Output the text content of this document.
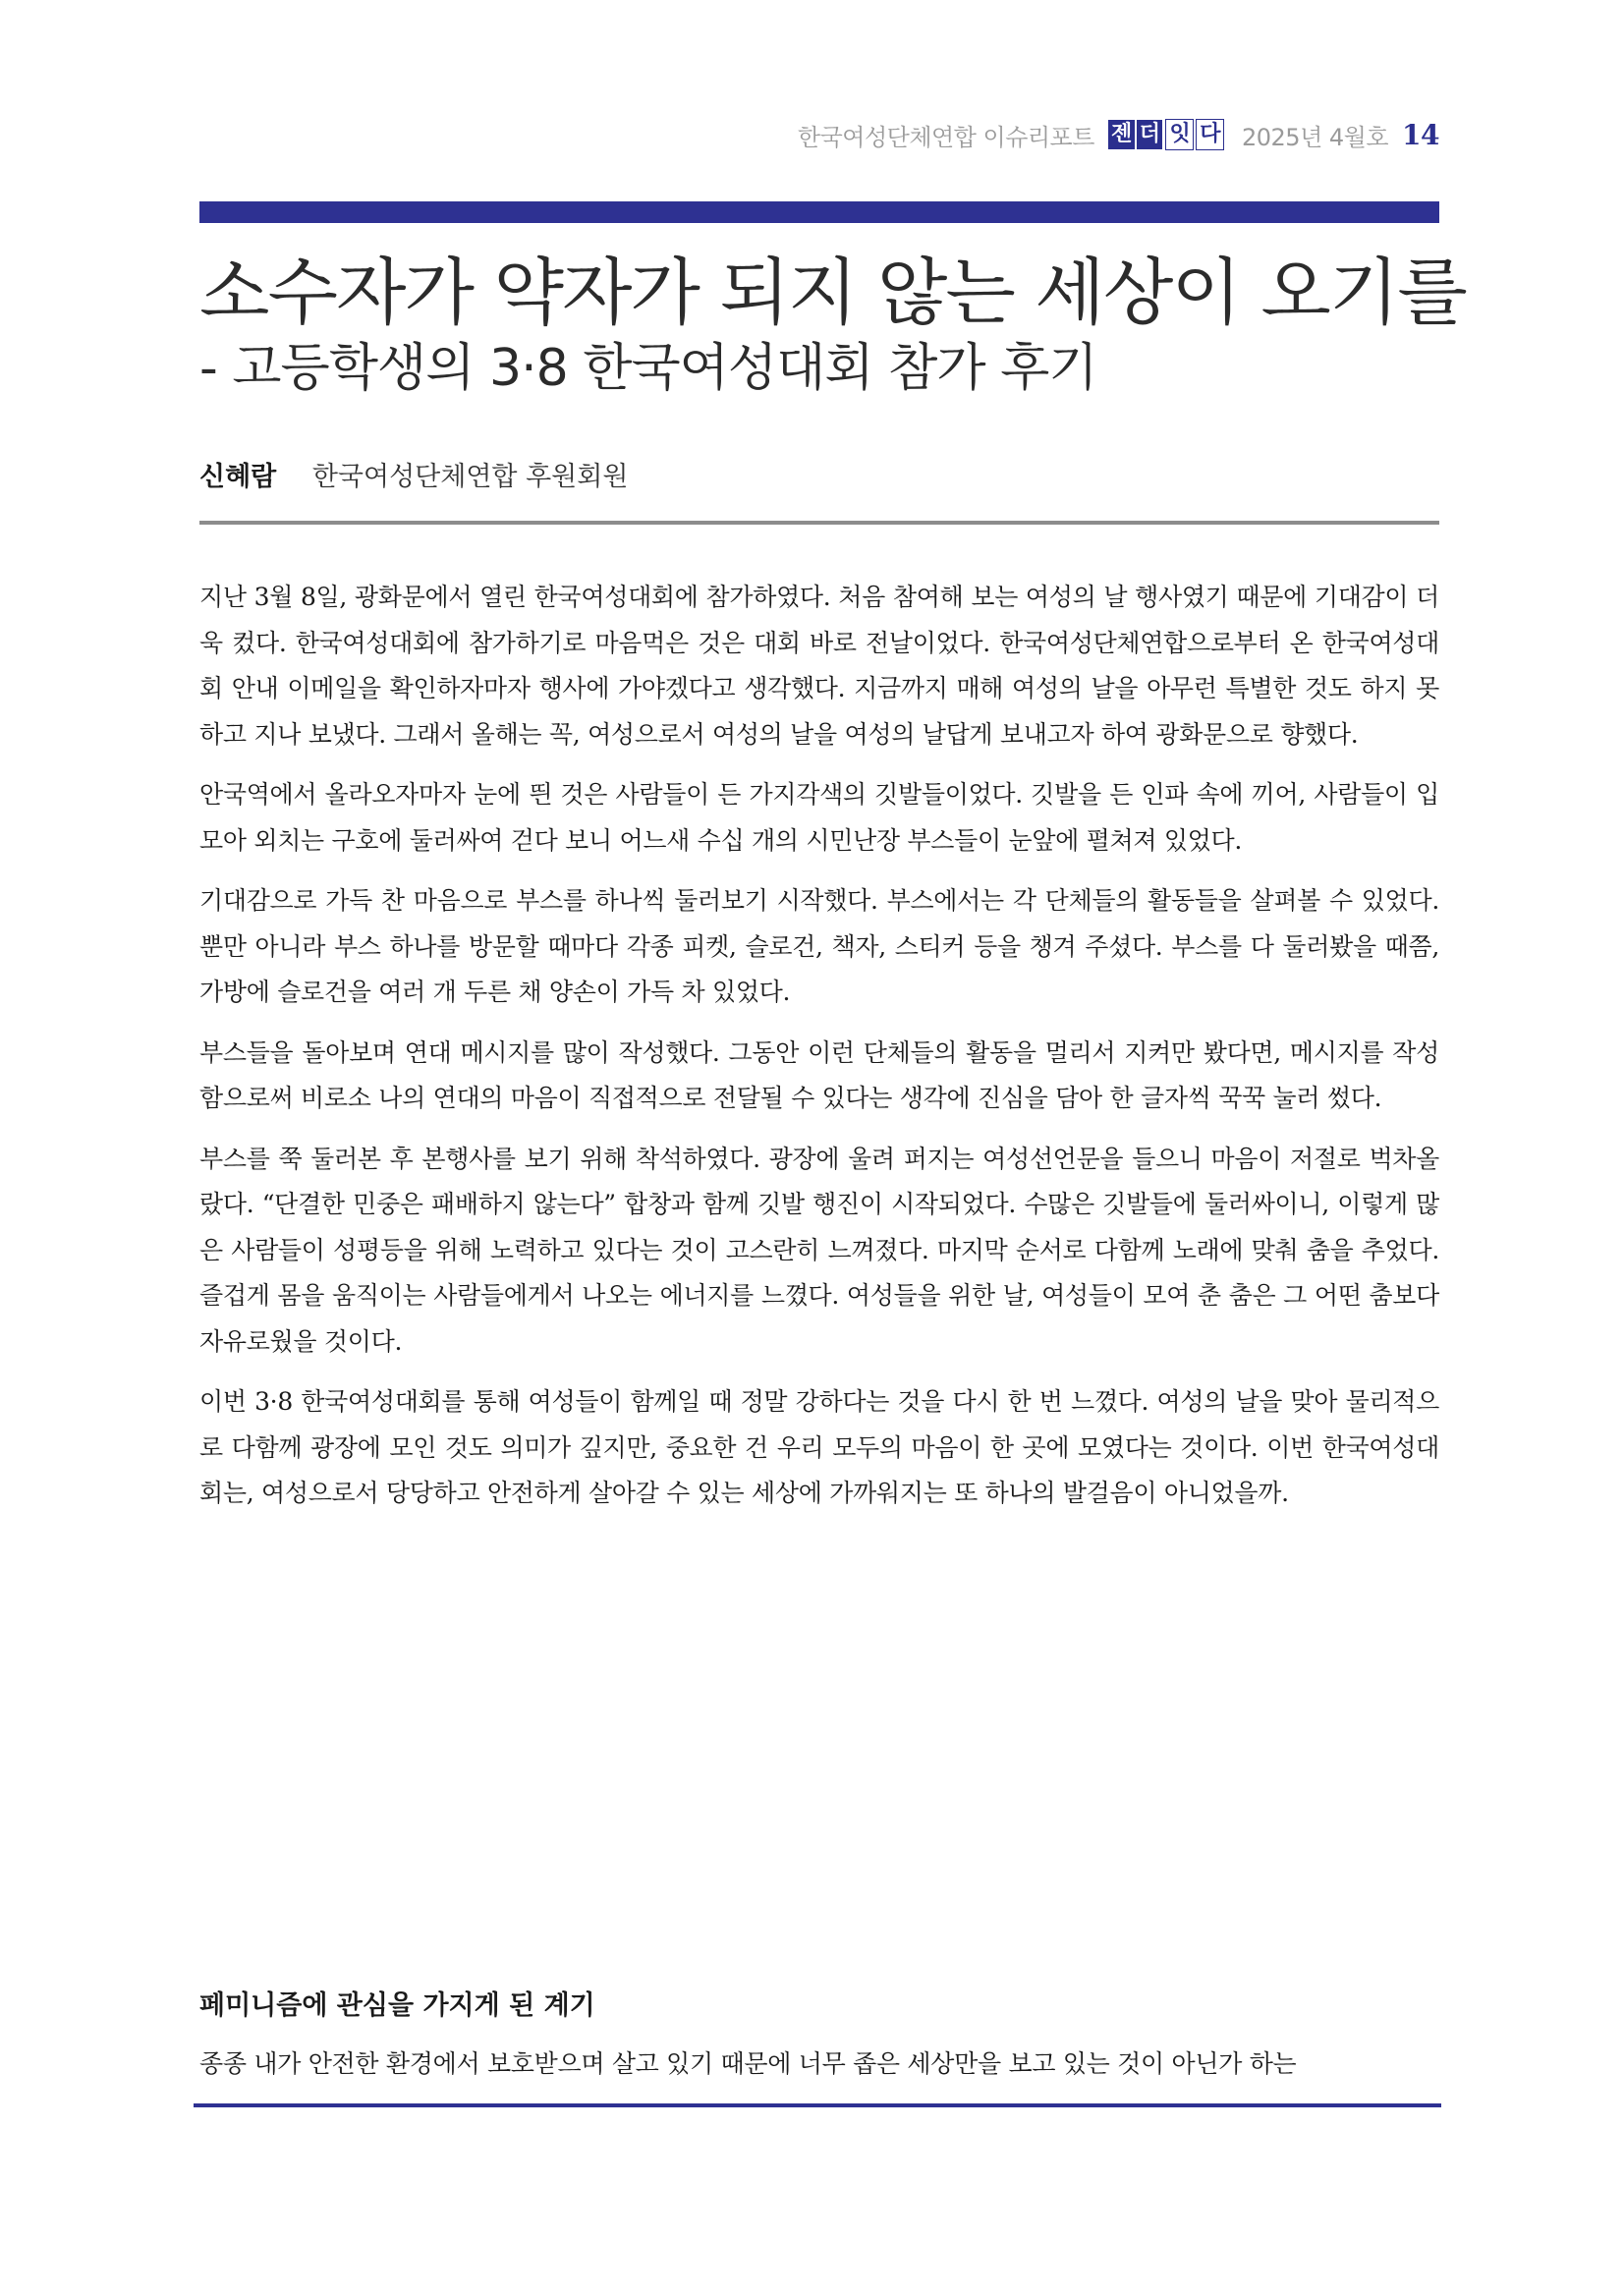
한국여성단체연합 이슈리포트 젠 더 잇 다 2025년 4월호 14
소수자가 약자가 되지 않는 세상이 오기를
- 고등학생의 3·8 한국여성대회 참가 후기
신혜람 한국여성단체연합 후원회원

지난 3월 8일, 광화문에서 열린 한국여성대회에 참가하였다. 처음 참여해 보는 여성의 날 행사였기 때문에 기대감이 더욱 컸다. 한국여성대회에 참가하기로 마음먹은 것은 대회 바로 전날이었다. 한국여성단체연합으로부터 온 한국여성대회 안내 이메일을 확인하자마자 행사에 가야겠다고 생각했다. 지금까지 매해 여성의 날을 아무런 특별한 것도 하지 못하고 지나 보냈다. 그래서 올해는 꼭, 여성으로서 여성의 날을 여성의 날답게 보내고자 하여 광화문으로 향했다.

안국역에서 올라오자마자 눈에 띈 것은 사람들이 든 가지각색의 깃발들이었다. 깃발을 든 인파 속에 끼어, 사람들이 입 모아 외치는 구호에 둘러싸여 걷다 보니 어느새 수십 개의 시민난장 부스들이 눈앞에 펼쳐져 있었다.

기대감으로 가득 찬 마음으로 부스를 하나씩 둘러보기 시작했다. 부스에서는 각 단체들의 활동들을 살펴볼 수 있었다. 뿐만 아니라 부스 하나를 방문할 때마다 각종 피켓, 슬로건, 책자, 스티커 등을 챙겨 주셨다. 부스를 다 둘러봤을 때쯤, 가방에 슬로건을 여러 개 두른 채 양손이 가득 차 있었다.

부스들을 돌아보며 연대 메시지를 많이 작성했다. 그동안 이런 단체들의 활동을 멀리서 지켜만 봤다면, 메시지를 작성함으로써 비로소 나의 연대의 마음이 직접적으로 전달될 수 있다는 생각에 진심을 담아 한 글자씩 꾹꾹 눌러 썼다.

부스를 쭉 둘러본 후 본행사를 보기 위해 착석하였다. 광장에 울려 퍼지는 여성선언문을 들으니 마음이 저절로 벅차올랐다. “단결한 민중은 패배하지 않는다” 합창과 함께 깃발 행진이 시작되었다. 수많은 깃발들에 둘러싸이니, 이렇게 많은 사람들이 성평등을 위해 노력하고 있다는 것이 고스란히 느껴졌다. 마지막 순서로 다함께 노래에 맞춰 춤을 추었다. 즐겁게 몸을 움직이는 사람들에게서 나오는 에너지를 느꼈다. 여성들을 위한 날, 여성들이 모여 춘 춤은 그 어떤 춤보다 자유로웠을 것이다.

이번 3·8 한국여성대회를 통해 여성들이 함께일 때 정말 강하다는 것을 다시 한 번 느꼈다. 여성의 날을 맞아 물리적으로 다함께 광장에 모인 것도 의미가 깊지만, 중요한 건 우리 모두의 마음이 한 곳에 모였다는 것이다. 이번 한국여성대회는, 여성으로서 당당하고 안전하게 살아갈 수 있는 세상에 가까워지는 또 하나의 발걸음이 아니었을까.

페미니즘에 관심을 가지게 된 계기
종종 내가 안전한 환경에서 보호받으며 살고 있기 때문에 너무 좁은 세상만을 보고 있는 것이 아닌가 하는
